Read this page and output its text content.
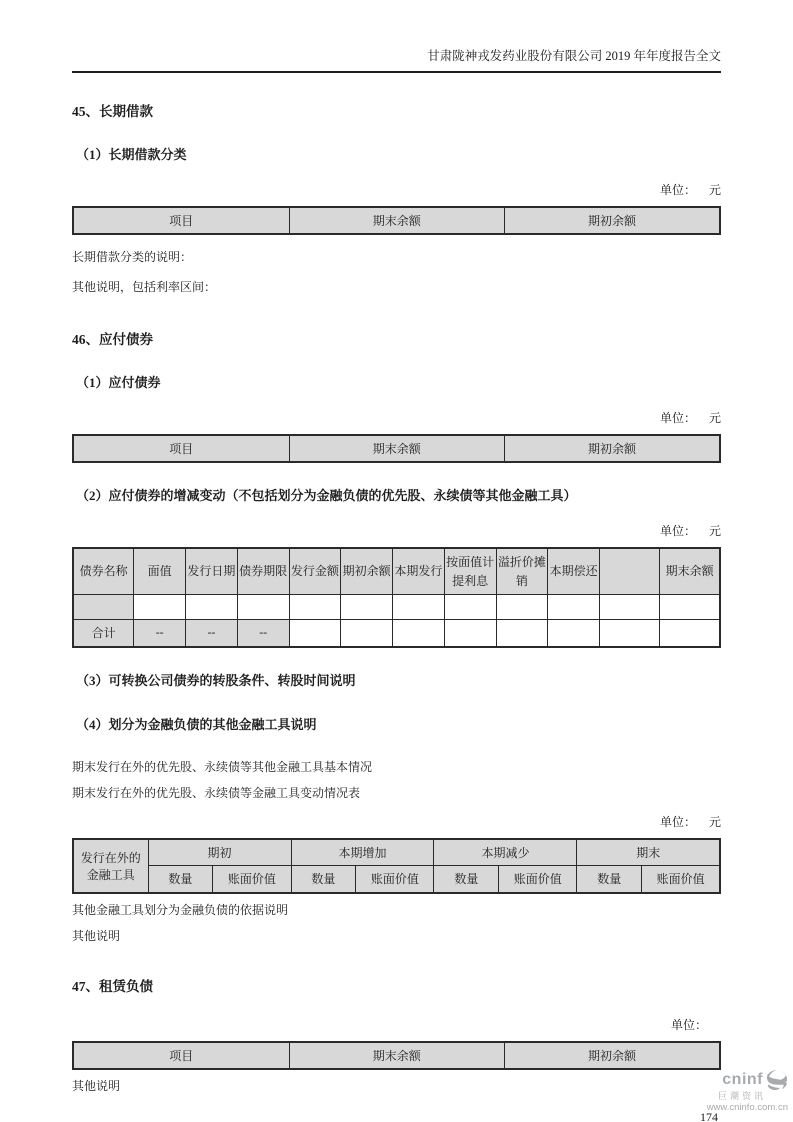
甘肃陇神戎发药业股份有限公司 2019 年年度报告全文

45、长期借款

（1）长期借款分类

单位： 元
项目	期末余额	期初余额

长期借款分类的说明：

其他说明，包括利率区间：

46、应付债券

（1）应付债券

单位： 元
项目	期末余额	期初余额

（2）应付债券的增减变动（不包括划分为金融负债的优先股、永续债等其他金融工具）

单位： 元
债券名称	面值	发行日期	债券期限	发行金额	期初余额	本期发行	按面值计提利息	溢折价摊销	本期偿还		期末余额

合计	--	--	--								

（3）可转换公司债券的转股条件、转股时间说明

（4）划分为金融负债的其他金融工具说明

期末发行在外的优先股、永续债等其他金融工具基本情况

期末发行在外的优先股、永续债等金融工具变动情况表

单位： 元
发行在外的
金融工具	期初		本期增加		本期减少		期末	
	数量	账面价值	数量	账面价值	数量	账面价值	数量	账面价值

其他金融工具划分为金融负债的依据说明

其他说明

47、租赁负债

单位：
项目	期末余额	期初余额

其他说明

174
cninf
巨潮资讯
www.cninfo.com.cn
